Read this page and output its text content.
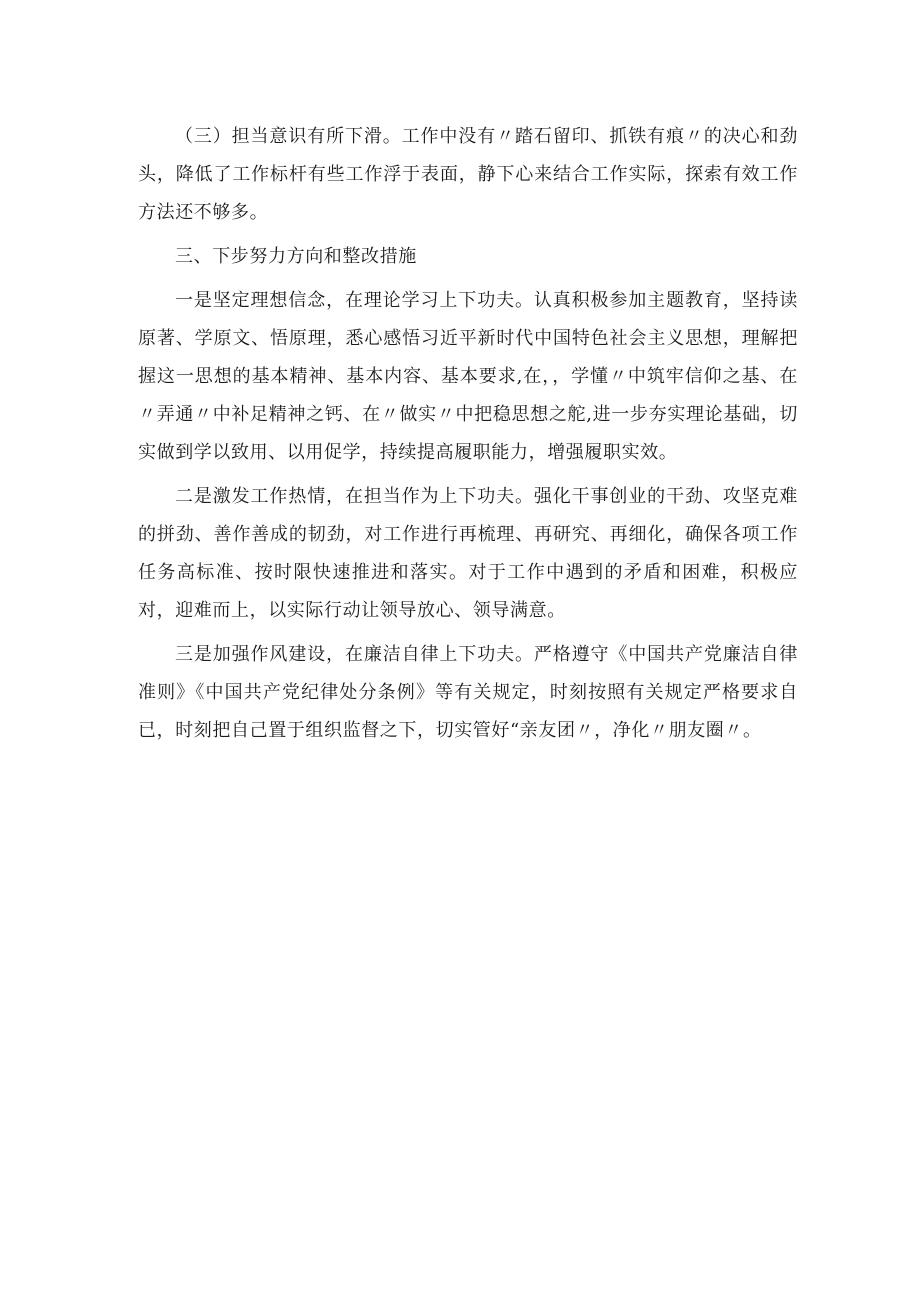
（三）担当意识有所下滑。工作中没有〃踏石留印、抓铁有痕〃的决心和劲头，降低了工作标杆有些工作浮于表面，静下心来结合工作实际，探索有效工作方法还不够多。

三、下步努力方向和整改措施

一是坚定理想信念，在理论学习上下功夫。认真积极参加主题教育，坚持读原著、学原文、悟原理，悉心感悟习近平新时代中国特色社会主义思想，理解把握这一思想的基本精神、基本内容、基本要求,在，，学懂〃中筑牢信仰之基、在〃弄通〃中补足精神之钙、在〃做实〃中把稳思想之舵,进一步夯实理论基础，切实做到学以致用、以用促学，持续提高履职能力，增强履职实效。

二是激发工作热情，在担当作为上下功夫。强化干事创业的干劲、攻坚克难的拼劲、善作善成的韧劲，对工作进行再梳理、再研究、再细化，确保各项工作任务高标准、按时限快速推进和落实。对于工作中遇到的矛盾和困难，积极应对，迎难而上，以实际行动让领导放心、领导满意。

三是加强作风建设，在廉洁自律上下功夫。严格遵守《中国共产党廉洁自律准则》《中国共产党纪律处分条例》等有关规定，时刻按照有关规定严格要求自已，时刻把自己置于组织监督之下，切实管好“亲友团〃，净化〃朋友圈〃。
